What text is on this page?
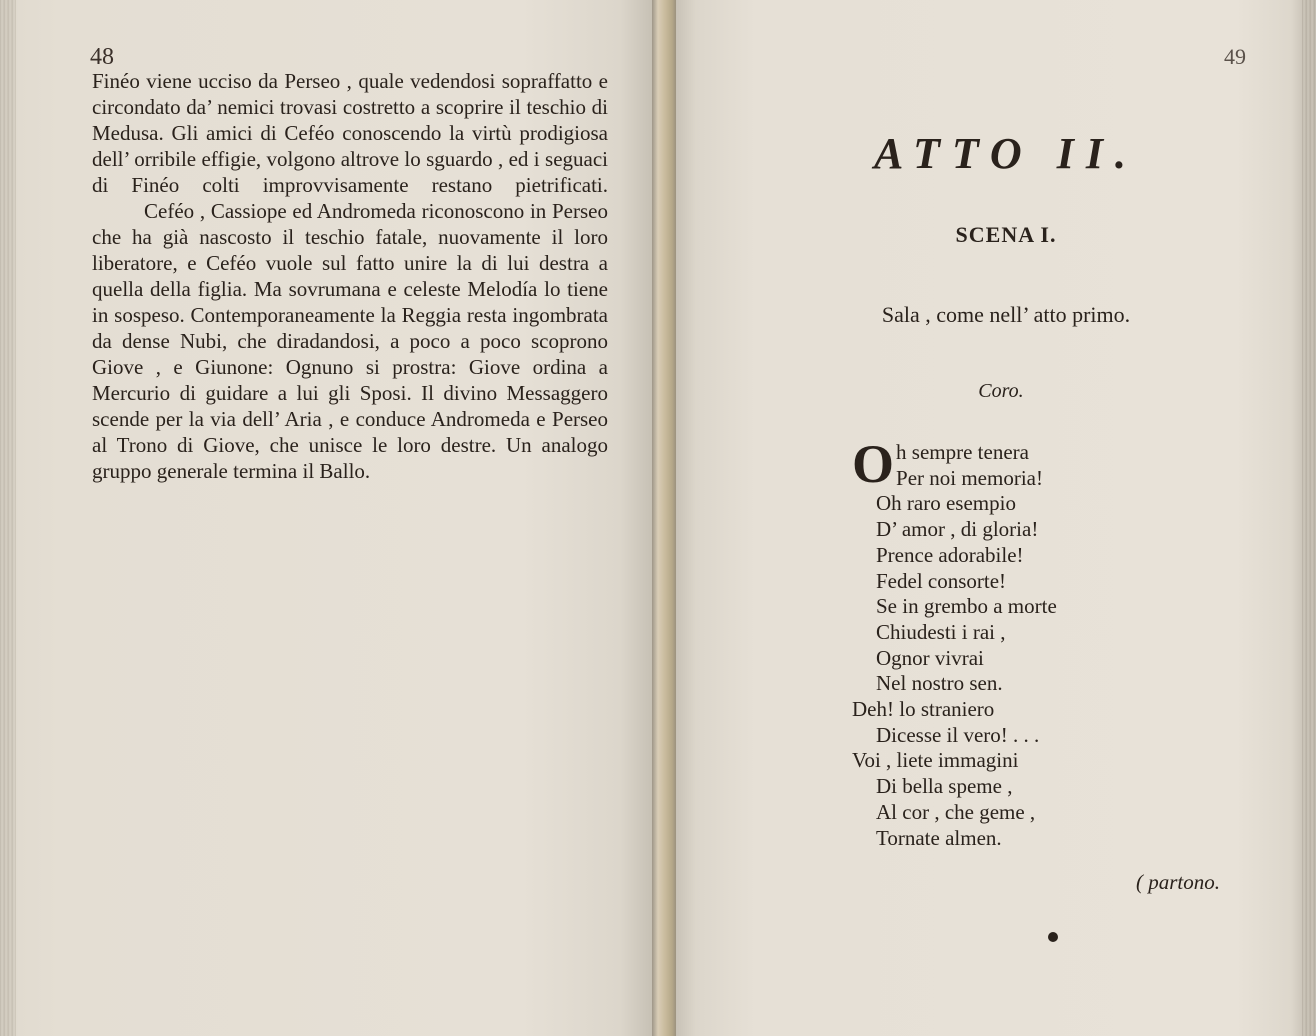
48

Finéo viene ucciso da Perseo , quale vedendosi sopraffatto e circondato da’ nemici trovasi costretto a scoprire il teschio di Medusa. Gli amici di Ceféo conoscendo la virtù prodigiosa dell’ orribile effigie, volgono altrove lo sguardo , ed i seguaci di Finéo colti improvvisamente restano pietrificati.

Ceféo , Cassiope ed Andromeda riconoscono in Perseo che ha già nascosto il teschio fatale, nuovamente il loro liberatore, e Ceféo vuole sul fatto unire la di lui destra a quella della figlia. Ma sovrumana e celeste Melodía lo tiene in sospeso. Contemporaneamente la Reggia resta ingombrata da dense Nubi, che diradandosi, a poco a poco scoprono Giove , e Giunone: Ognuno si prostra: Giove ordina a Mercurio di guidare a lui gli Sposi. Il divino Messaggero scende per la via dell’ Aria , e conduce Andromeda e Perseo al Trono di Giove, che unisce le loro destre. Un analogo gruppo generale termina il Ballo.

49
ATTO II.
SCENA I.

Sala , come nell’ atto primo.

Coro.

Oh sempre tenera
Per noi memoria!
Oh raro esempio
D’ amor , di gloria!
Prence adorabile!
Fedel consorte!
Se in grembo a morte
Chiudesti i rai ,
Ognor vivrai
Nel nostro sen.
Deh! lo straniero
Dicesse il vero! . . .
Voi , liete immagini
Di bella speme ,
Al cor , che geme ,
Tornate almen.

( partono.
